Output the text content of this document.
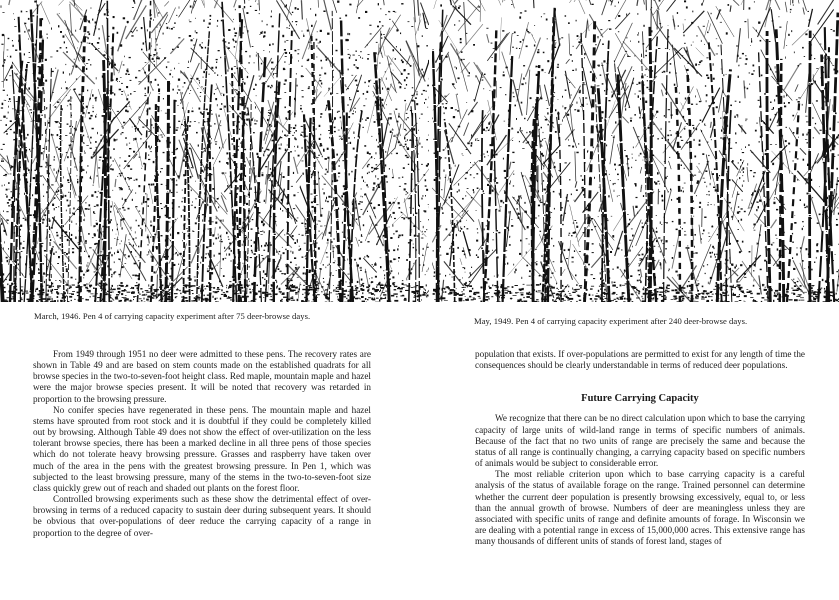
March, 1946. Pen 4 of carrying capacity experiment after 75 deer-browse days.	May, 1949. Pen 4 of carrying capacity experiment after 240 deer-browse days.

From 1949 through 1951 no deer were admitted to these pens. The recovery rates are shown in Table 49 and are based on stem counts made on the established quadrats for all browse species in the two-to-seven-foot height class. Red maple, mountain maple and hazel were the major browse species present. It will be noted that recovery was retarded in proportion to the browsing pressure.

No conifer species have regenerated in these pens. The mountain maple and hazel stems have sprouted from root stock and it is doubtful if they could be completely killed out by browsing. Although Table 49 does not show the effect of over-utilization on the less tolerant browse species, there has been a marked decline in all three pens of those species which do not tolerate heavy browsing pressure. Grasses and raspberry have taken over much of the area in the pens with the greatest browsing pressure. In Pen 1, which was subjected to the least browsing pressure, many of the stems in the two-to-seven-foot size class quickly grew out of reach and shaded out plants on the forest floor.

Controlled browsing experiments such as these show the detrimental effect of over-browsing in terms of a reduced capacity to sustain deer during subsequent years. It should be obvious that over-populations of deer reduce the carrying capacity of a range in proportion to the degree of over-

population that exists. If over-populations are permitted to exist for any length of time the consequences should be clearly understandable in terms of reduced deer populations.

Future Carrying Capacity

We recognize that there can be no direct calculation upon which to base the carrying capacity of large units of wild-land range in terms of specific numbers of animals. Because of the fact that no two units of range are precisely the same and because the status of all range is continually changing, a carrying capacity based on specific numbers of animals would be subject to considerable error.

The most reliable criterion upon which to base carrying capacity is a careful analysis of the status of available forage on the range. Trained personnel can determine whether the current deer population is presently browsing excessively, equal to, or less than the annual growth of browse. Numbers of deer are meaningless unless they are associated with specific units of range and definite amounts of forage. In Wisconsin we are dealing with a potential range in excess of 15,000,000 acres. This extensive range has many thousands of different units of stands of forest land, stages of
